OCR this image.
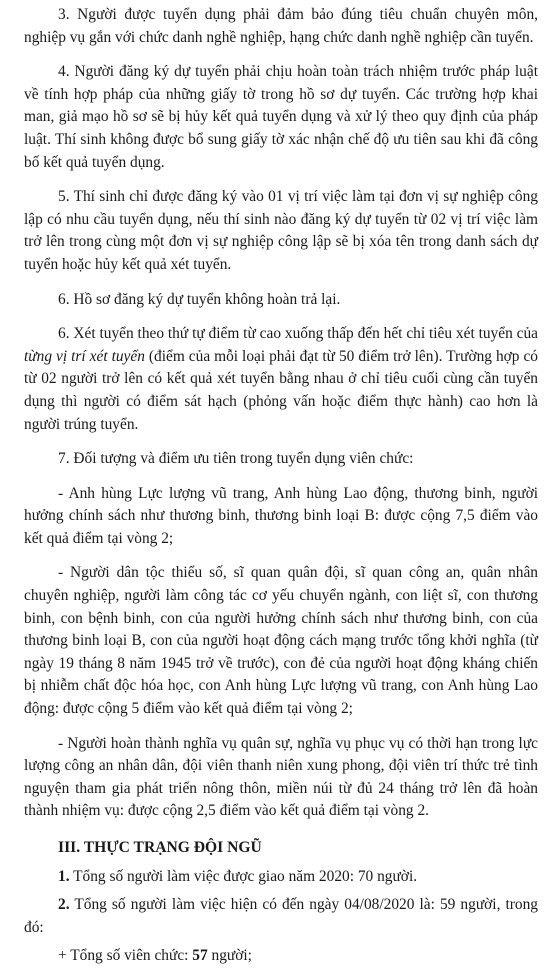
3. Người được tuyển dụng phải đảm bảo đúng tiêu chuẩn chuyên môn, nghiệp vụ gắn với chức danh nghề nghiệp, hạng chức danh nghề nghiệp cần tuyển.

4. Người đăng ký dự tuyển phải chịu hoàn toàn trách nhiệm trước pháp luật về tính hợp pháp của những giấy tờ trong hồ sơ dự tuyển. Các trường hợp khai man, giả mạo hồ sơ sẽ bị hủy kết quả tuyển dụng và xử lý theo quy định của pháp luật. Thí sinh không được bổ sung giấy tờ xác nhận chế độ ưu tiên sau khi đã công bố kết quả tuyển dụng.

5. Thí sinh chỉ được đăng ký vào 01 vị trí việc làm tại đơn vị sự nghiệp công lập có nhu cầu tuyển dụng, nếu thí sinh nào đăng ký dự tuyển từ 02 vị trí việc làm trở lên trong cùng một đơn vị sự nghiệp công lập sẽ bị xóa tên trong danh sách dự tuyển hoặc hủy kết quả xét tuyển.

6. Hồ sơ đăng ký dự tuyển không hoàn trả lại.

6. Xét tuyển theo thứ tự điểm từ cao xuống thấp đến hết chỉ tiêu xét tuyển của từng vị trí xét tuyển (điểm của mỗi loại phải đạt từ 50 điểm trở lên). Trường hợp có từ 02 người trở lên có kết quả xét tuyển bằng nhau ở chỉ tiêu cuối cùng cần tuyển dụng thì người có điểm sát hạch (phỏng vấn hoặc điểm thực hành) cao hơn là người trúng tuyển.

7. Đối tượng và điểm ưu tiên trong tuyển dụng viên chức:

- Anh hùng Lực lượng vũ trang, Anh hùng Lao động, thương binh, người hưởng chính sách như thương binh, thương binh loại B: được cộng 7,5 điểm vào kết quả điểm tại vòng 2;

- Người dân tộc thiểu số, sĩ quan quân đội, sĩ quan công an, quân nhân chuyên nghiệp, người làm công tác cơ yếu chuyển ngành, con liệt sĩ, con thương binh, con bệnh binh, con của người hưởng chính sách như thương binh, con của thương binh loại B, con của người hoạt động cách mạng trước tổng khởi nghĩa (từ ngày 19 tháng 8 năm 1945 trở về trước), con đẻ của người hoạt động kháng chiến bị nhiễm chất độc hóa học, con Anh hùng Lực lượng vũ trang, con Anh hùng Lao động: được cộng 5 điểm vào kết quả điểm tại vòng 2;

- Người hoàn thành nghĩa vụ quân sự, nghĩa vụ phục vụ có thời hạn trong lực lượng công an nhân dân, đội viên thanh niên xung phong, đội viên trí thức trẻ tình nguyện tham gia phát triển nông thôn, miền núi từ đủ 24 tháng trở lên đã hoàn thành nhiệm vụ: được cộng 2,5 điểm vào kết quả điểm tại vòng 2.

III. THỰC TRẠNG ĐỘI NGŨ

1. Tổng số người làm việc được giao năm 2020: 70 người.

2. Tổng số người làm việc hiện có đến ngày 04/08/2020 là: 59 người, trong đó:

+ Tổng số viên chức: 57 người;
